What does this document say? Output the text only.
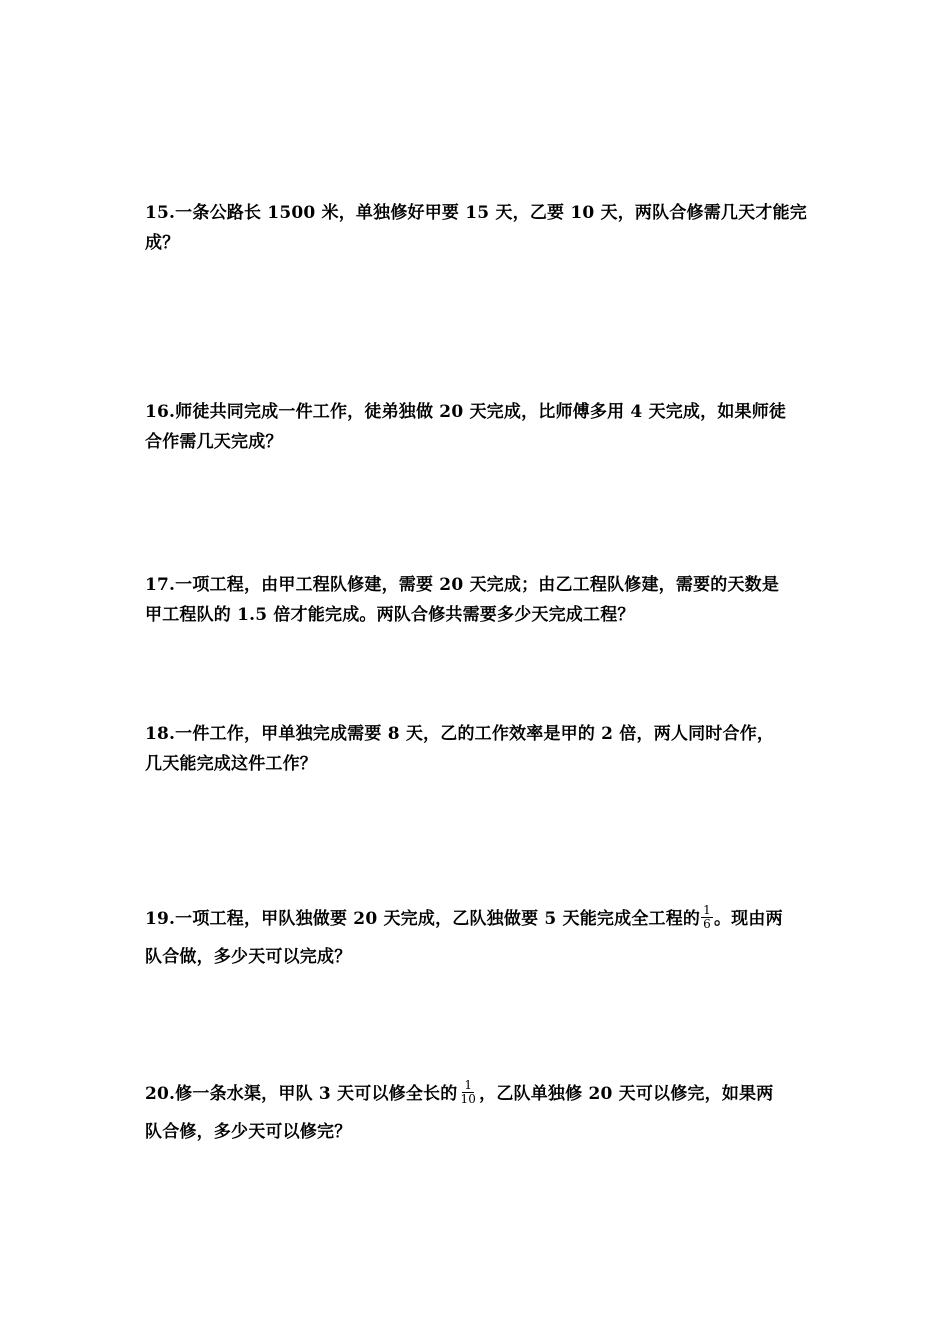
15.一条公路长 1500 米，单独修好甲要 15 天，乙要 10 天，两队合修需几天才能完
成？
16.师徒共同完成一件工作，徒弟独做 20 天完成，比师傅多用 4 天完成，如果师徒
合作需几天完成？
17.一项工程，由甲工程队修建，需要 20 天完成；由乙工程队修建，需要的天数是
甲工程队的 1.5 倍才能完成。两队合修共需要多少天完成工程？
18.一件工作，甲单独完成需要 8 天，乙的工作效率是甲的 2 倍，两人同时合作，
几天能完成这件工作？
19.一项工程，甲队独做要 20 天完成，乙队独做要 5 天能完成全工程的 $\frac{1}{6}$ 。现由两
队合做，多少天可以完成？
20.修一条水渠，甲队 3 天可以修全长的 $\frac{1}{10}$ ，乙队单独修 20 天可以修完，如果两
队合修，多少天可以修完？
